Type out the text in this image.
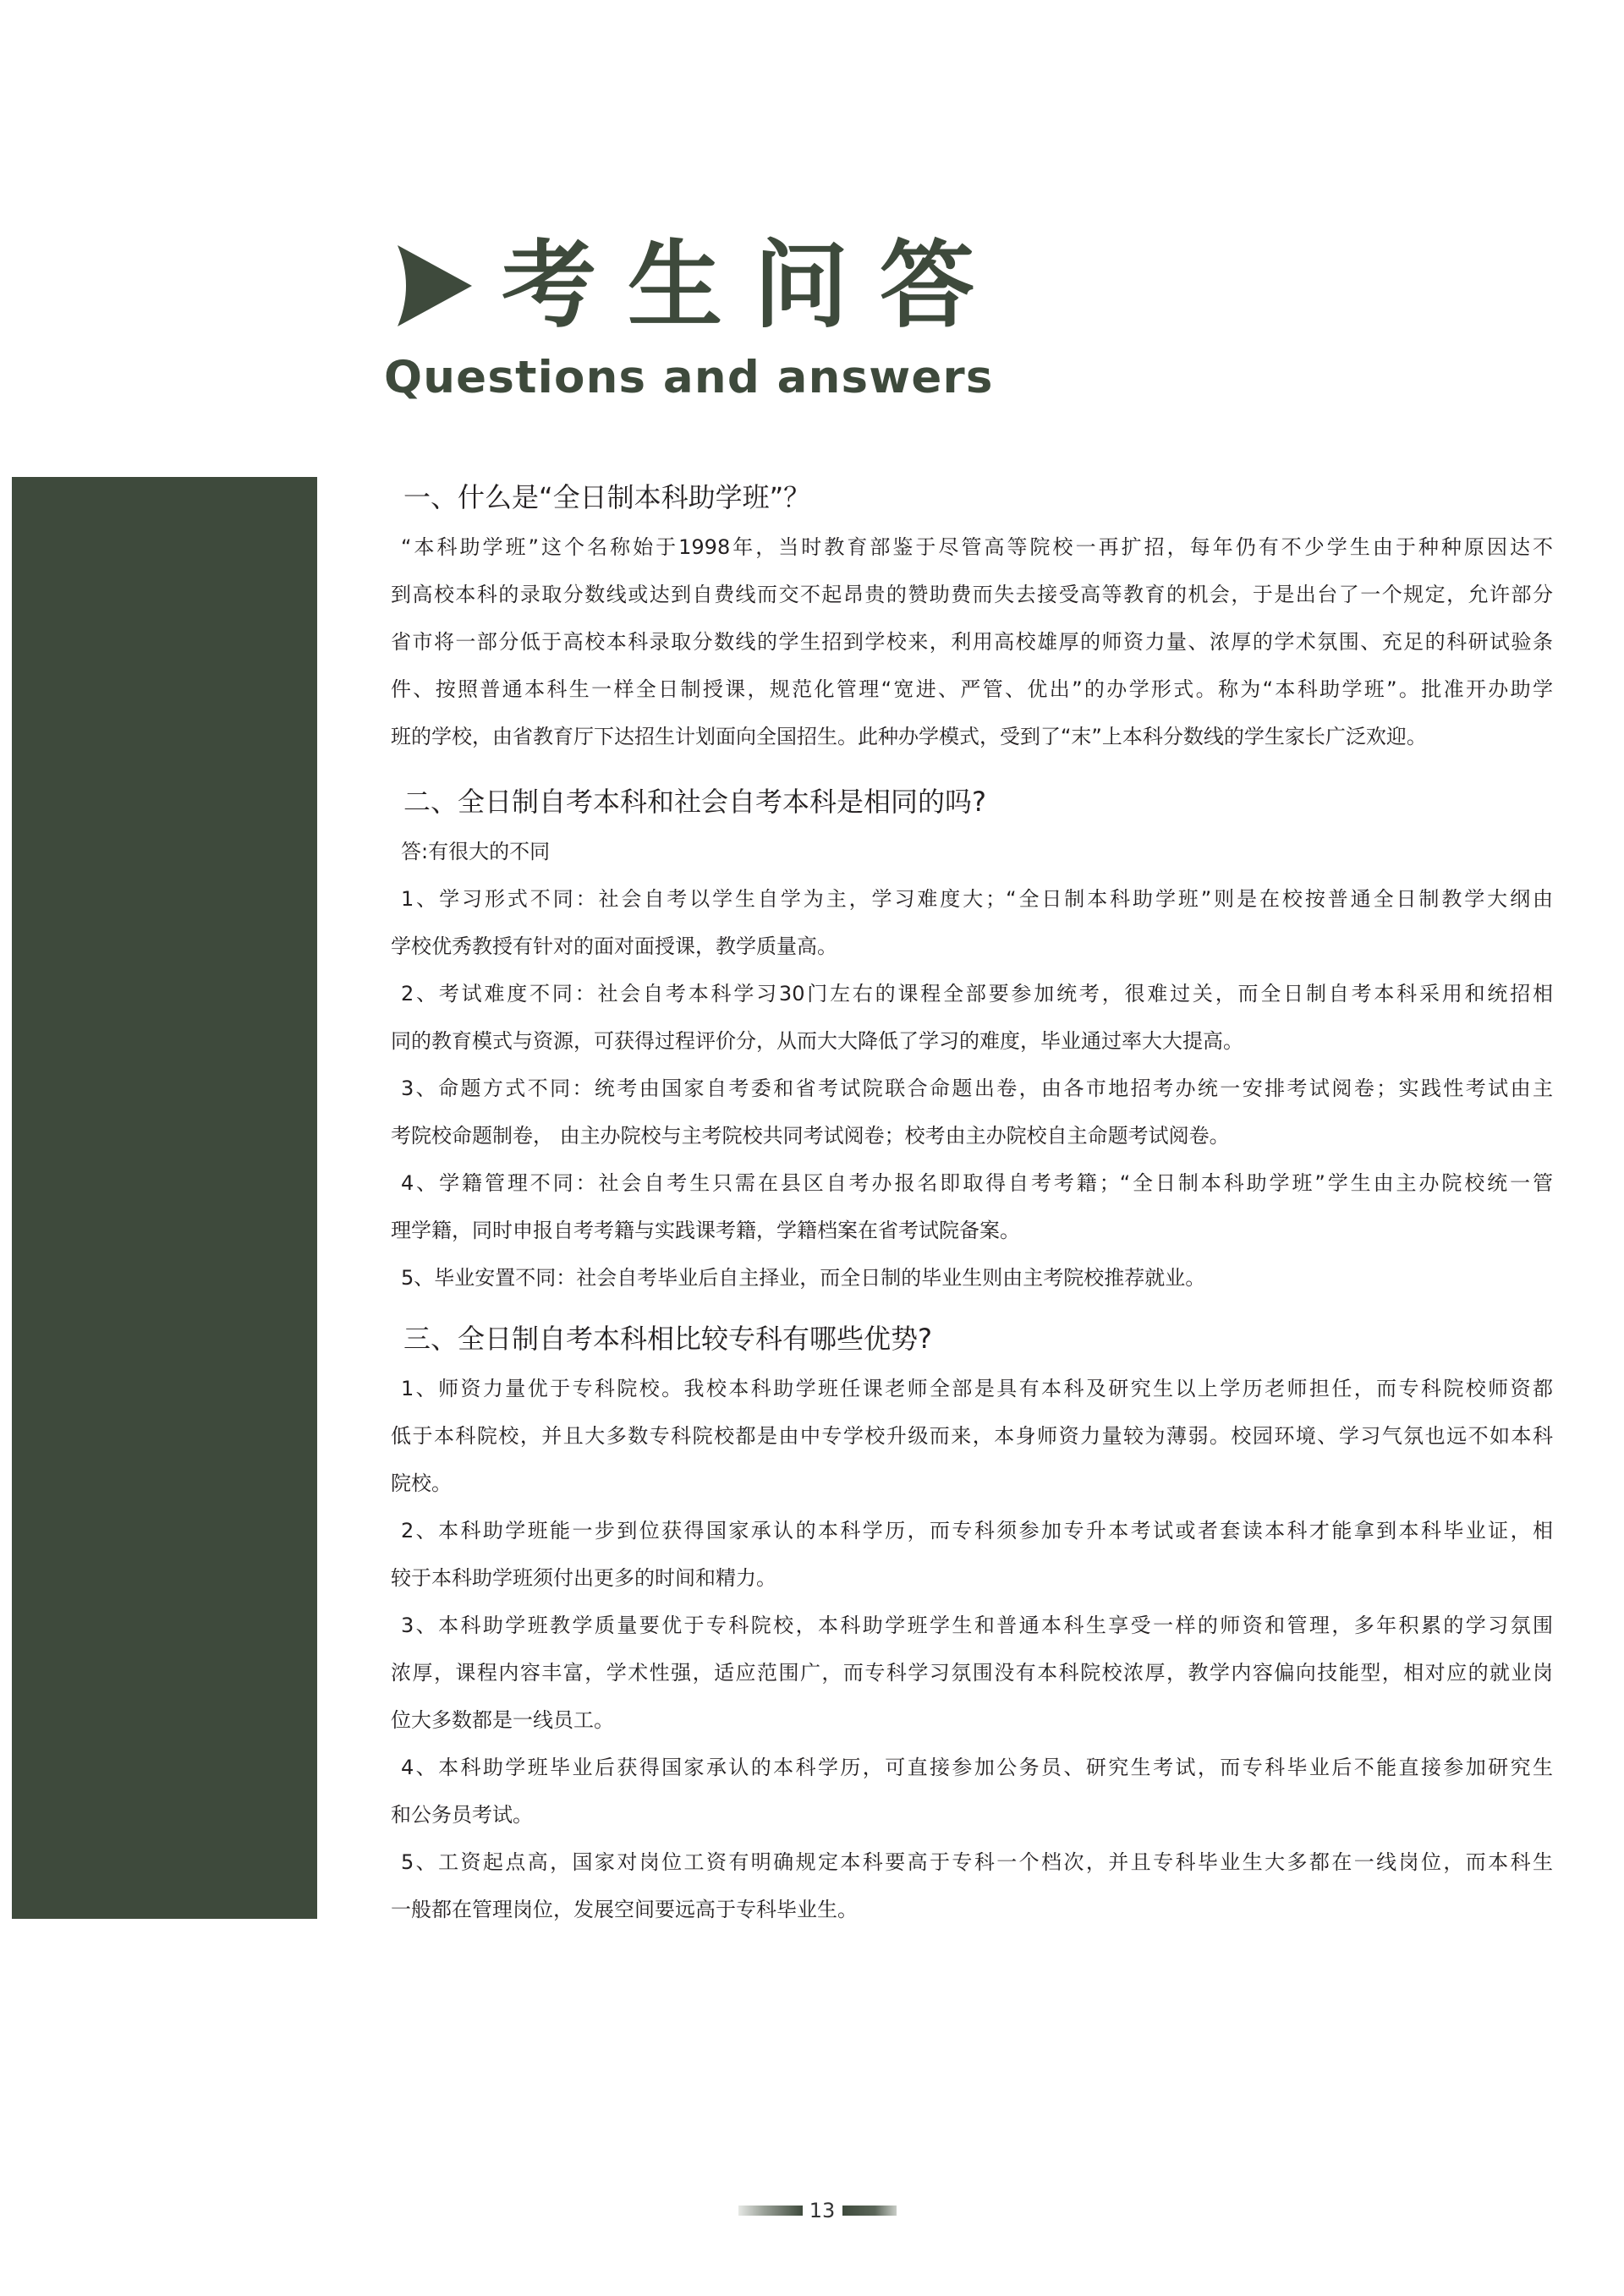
考生问答
Questions and answers
一、什么是“全日制本科助学班”？
“本科助学班”这个名称始于1998年，当时教育部鉴于尽管高等院校一再扩招，每年仍有不少学生由于种种原因达不
到高校本科的录取分数线或达到自费线而交不起昂贵的赞助费而失去接受高等教育的机会，于是出台了一个规定，允许部分
省市将一部分低于高校本科录取分数线的学生招到学校来，利用高校雄厚的师资力量、浓厚的学术氛围、充足的科研试验条
件、按照普通本科生一样全日制授课，规范化管理“宽进、严管、优出”的办学形式。称为“本科助学班”。批准开办助学
班的学校，由省教育厅下达招生计划面向全国招生。此种办学模式，受到了“末”上本科分数线的学生家长广泛欢迎。
二、全日制自考本科和社会自考本科是相同的吗?
答:有很大的不同
1、学习形式不同：社会自考以学生自学为主，学习难度大；“全日制本科助学班”则是在校按普通全日制教学大纲由
学校优秀教授有针对的面对面授课，教学质量高。
2、考试难度不同：社会自考本科学习30门左右的课程全部要参加统考，很难过关，而全日制自考本科采用和统招相
同的教育模式与资源，可获得过程评价分，从而大大降低了学习的难度，毕业通过率大大提高。
3、命题方式不同：统考由国家自考委和省考试院联合命题出卷，由各市地招考办统一安排考试阅卷；实践性考试由主
考院校命题制卷， 由主办院校与主考院校共同考试阅卷；校考由主办院校自主命题考试阅卷。
4、学籍管理不同：社会自考生只需在县区自考办报名即取得自考考籍；“全日制本科助学班”学生由主办院校统一管
理学籍，同时申报自考考籍与实践课考籍，学籍档案在省考试院备案。
5、毕业安置不同：社会自考毕业后自主择业，而全日制的毕业生则由主考院校推荐就业。
三、全日制自考本科相比较专科有哪些优势?
1、师资力量优于专科院校。我校本科助学班任课老师全部是具有本科及研究生以上学历老师担任，而专科院校师资都
低于本科院校，并且大多数专科院校都是由中专学校升级而来，本身师资力量较为薄弱。校园环境、学习气氛也远不如本科
院校。
2、本科助学班能一步到位获得国家承认的本科学历，而专科须参加专升本考试或者套读本科才能拿到本科毕业证，相
较于本科助学班须付出更多的时间和精力。
3、本科助学班教学质量要优于专科院校，本科助学班学生和普通本科生享受一样的师资和管理，多年积累的学习氛围
浓厚，课程内容丰富，学术性强，适应范围广，而专科学习氛围没有本科院校浓厚，教学内容偏向技能型，相对应的就业岗
位大多数都是一线员工。
4、本科助学班毕业后获得国家承认的本科学历，可直接参加公务员、研究生考试，而专科毕业后不能直接参加研究生
和公务员考试。
5、工资起点高，国家对岗位工资有明确规定本科要高于专科一个档次，并且专科毕业生大多都在一线岗位，而本科生
一般都在管理岗位，发展空间要远高于专科毕业生。
13
